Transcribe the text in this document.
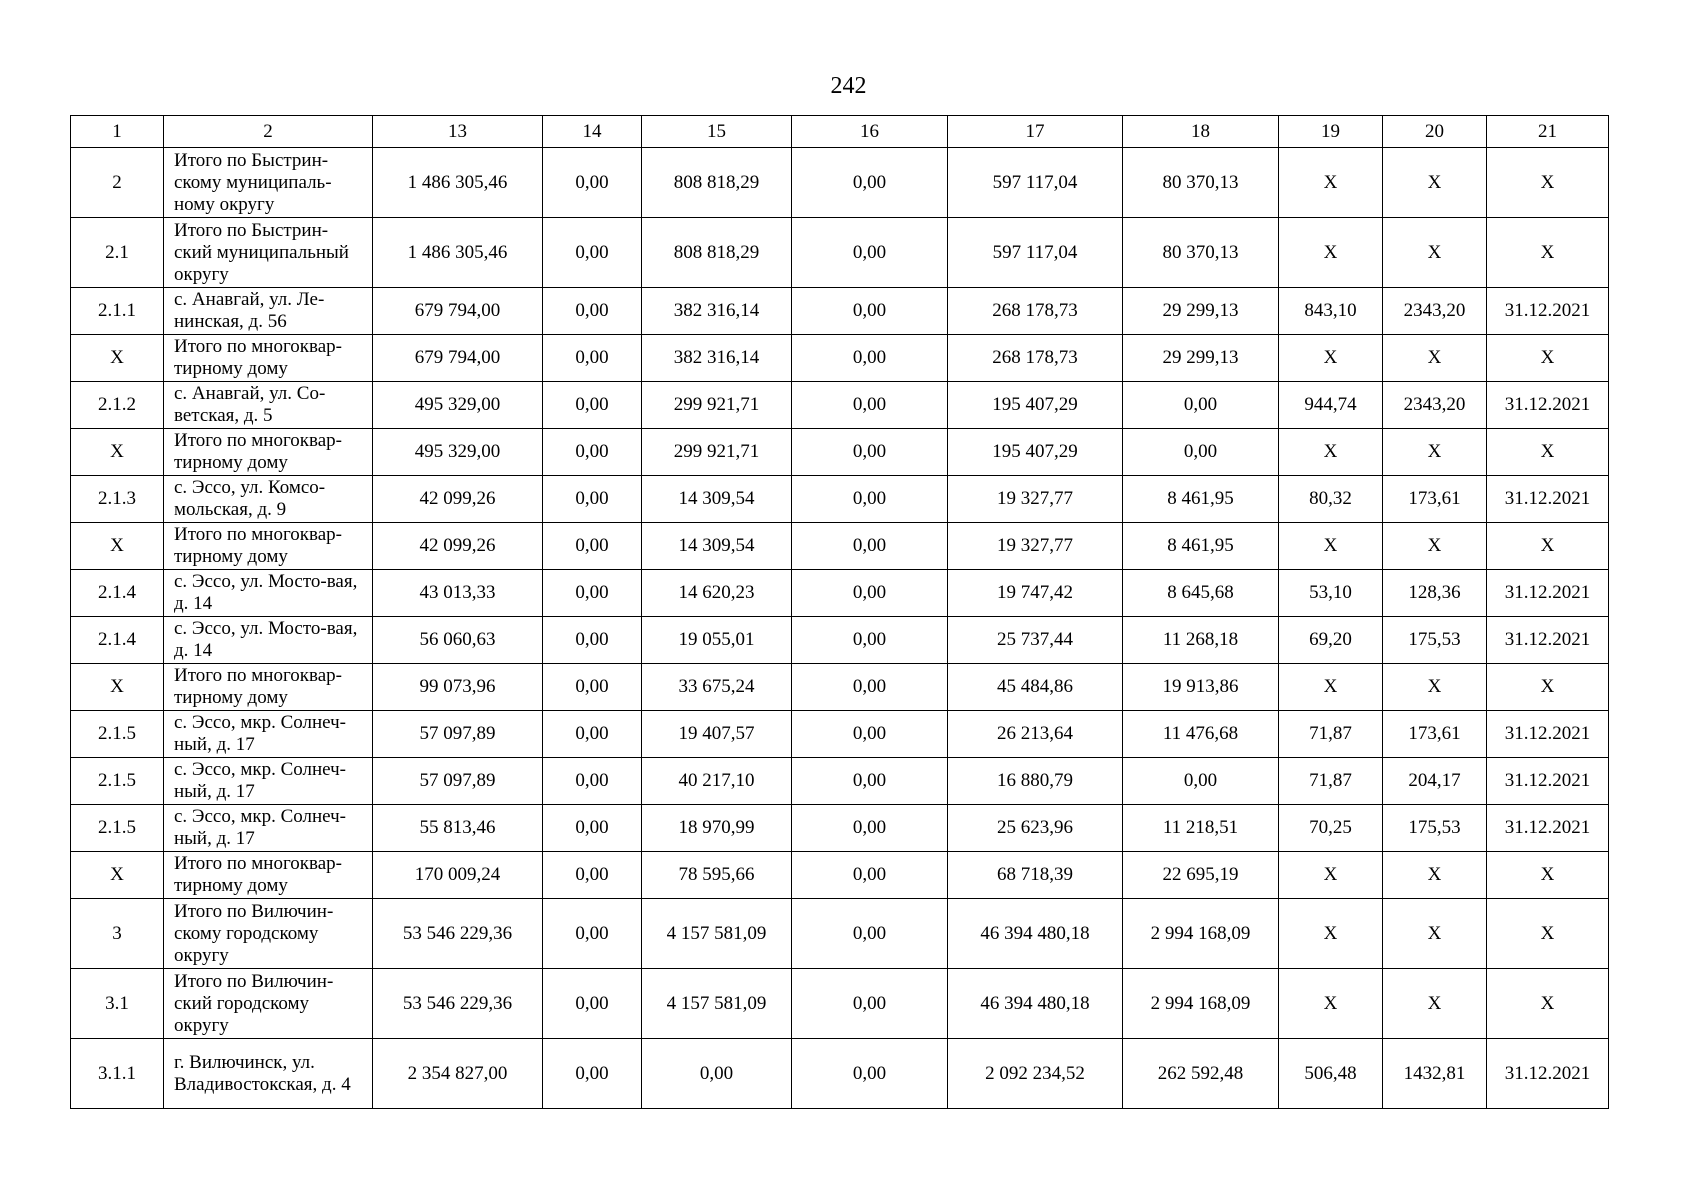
242
1	2	13	14	15	16	17	18	19	20	21
2	Итого по Быстрин-скому муниципаль-ному округу	1 486 305,46	0,00	808 818,29	0,00	597 117,04	80 370,13	X	X	X
2.1	Итого по Быстрин-ский муниципальный округу	1 486 305,46	0,00	808 818,29	0,00	597 117,04	80 370,13	X	X	X
2.1.1	с. Анавгай, ул. Ле-нинская, д. 56	679 794,00	0,00	382 316,14	0,00	268 178,73	29 299,13	843,10	2343,20	31.12.2021
X	Итого по многоквар-тирному дому	679 794,00	0,00	382 316,14	0,00	268 178,73	29 299,13	X	X	X
2.1.2	с. Анавгай, ул. Со-ветская, д. 5	495 329,00	0,00	299 921,71	0,00	195 407,29	0,00	944,74	2343,20	31.12.2021
X	Итого по многоквар-тирному дому	495 329,00	0,00	299 921,71	0,00	195 407,29	0,00	X	X	X
2.1.3	с. Эссо, ул. Комсо-мольская, д. 9	42 099,26	0,00	14 309,54	0,00	19 327,77	8 461,95	80,32	173,61	31.12.2021
X	Итого по многоквар-тирному дому	42 099,26	0,00	14 309,54	0,00	19 327,77	8 461,95	X	X	X
2.1.4	с. Эссо, ул. Мосто-вая, д. 14	43 013,33	0,00	14 620,23	0,00	19 747,42	8 645,68	53,10	128,36	31.12.2021
2.1.4	с. Эссо, ул. Мосто-вая, д. 14	56 060,63	0,00	19 055,01	0,00	25 737,44	11 268,18	69,20	175,53	31.12.2021
X	Итого по многоквар-тирному дому	99 073,96	0,00	33 675,24	0,00	45 484,86	19 913,86	X	X	X
2.1.5	с. Эссо, мкр. Солнеч-ный, д. 17	57 097,89	0,00	19 407,57	0,00	26 213,64	11 476,68	71,87	173,61	31.12.2021
2.1.5	с. Эссо, мкр. Солнеч-ный, д. 17	57 097,89	0,00	40 217,10	0,00	16 880,79	0,00	71,87	204,17	31.12.2021
2.1.5	с. Эссо, мкр. Солнеч-ный, д. 17	55 813,46	0,00	18 970,99	0,00	25 623,96	11 218,51	70,25	175,53	31.12.2021
X	Итого по многоквар-тирному дому	170 009,24	0,00	78 595,66	0,00	68 718,39	22 695,19	X	X	X
3	Итого по Вилючин-скому городскому округу	53 546 229,36	0,00	4 157 581,09	0,00	46 394 480,18	2 994 168,09	X	X	X
3.1	Итого по Вилючин-ский городскому округу	53 546 229,36	0,00	4 157 581,09	0,00	46 394 480,18	2 994 168,09	X	X	X
3.1.1	г. Вилючинск, ул. Владивостокская, д. 4	2 354 827,00	0,00	0,00	0,00	2 092 234,52	262 592,48	506,48	1432,81	31.12.2021
